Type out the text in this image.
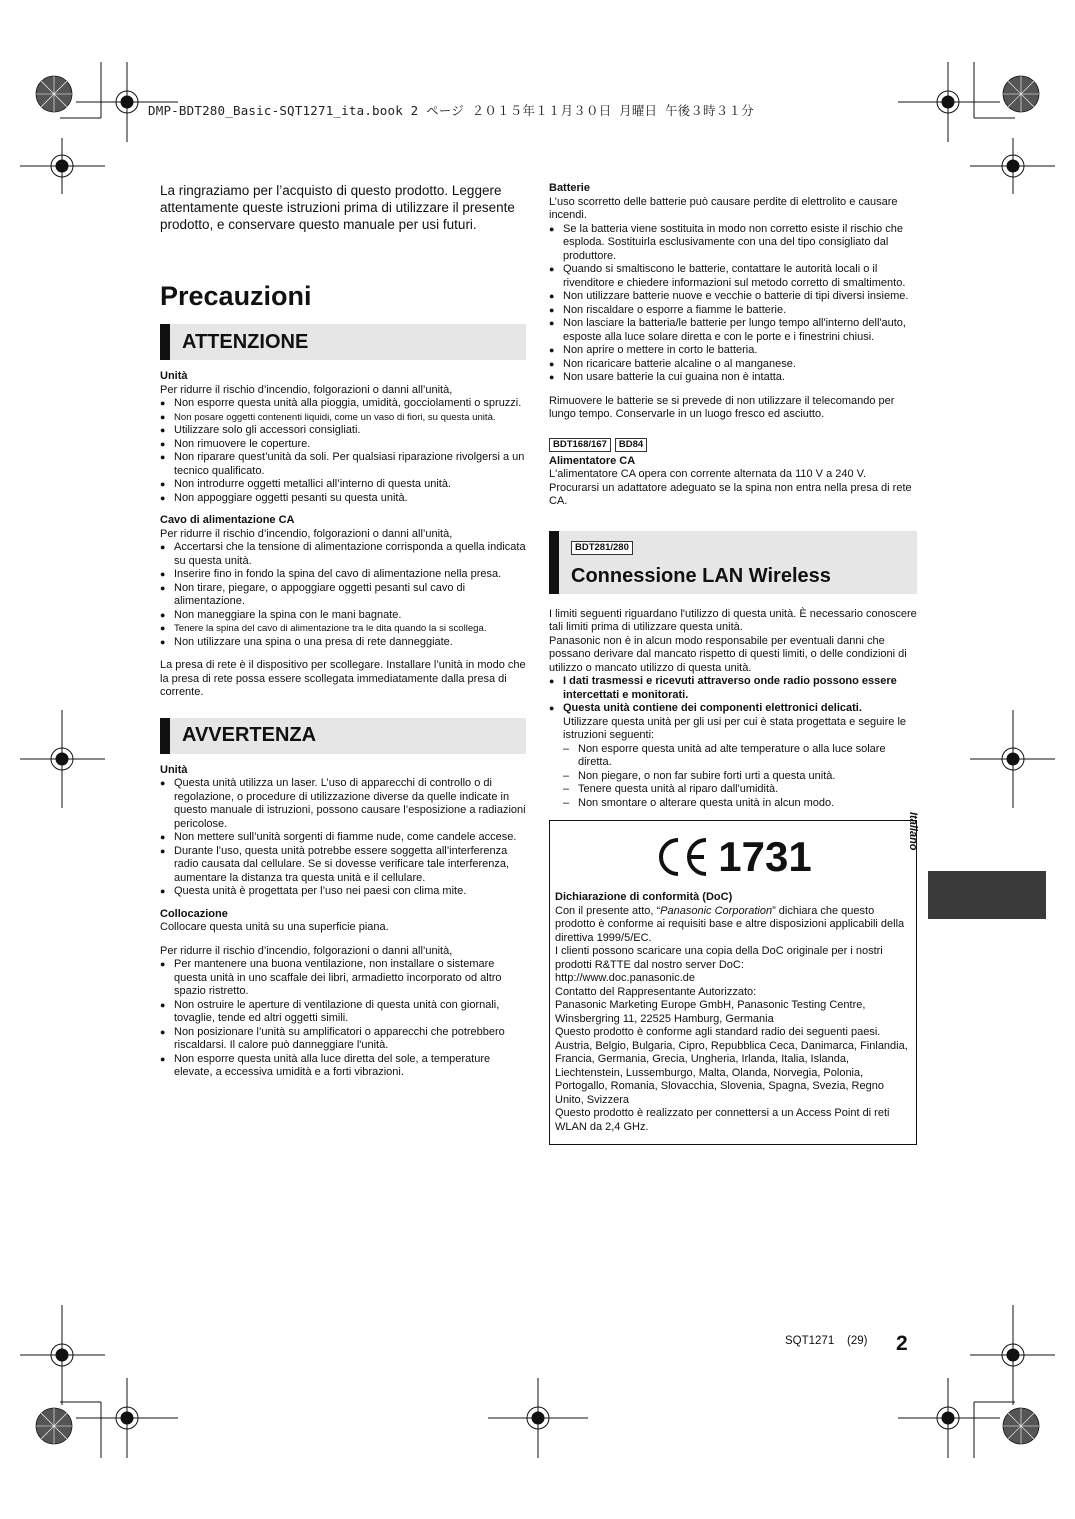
DMP-BDT280_Basic-SQT1271_ita.book 2 ページ ２０１５年１１月３０日 月曜日 午後３時３１分

La ringraziamo per l’acquisto di questo prodotto. Leggere attentamente queste istruzioni prima di utilizzare il presente prodotto, e conservare questo manuale per usi futuri.

Precauzioni
ATTENZIONE
Unità

Per ridurre il rischio d’incendio, folgorazioni o danni all’unità,

● Non esporre questa unità alla pioggia, umidità, gocciolamenti o spruzzi.
● Non posare oggetti contenenti liquidi, come un vaso di fiori, su questa unità.
● Utilizzare solo gli accessori consigliati.
● Non rimuovere le coperture.
● Non riparare quest’unità da soli. Per qualsiasi riparazione rivolgersi a un tecnico qualificato.
● Non introdurre oggetti metallici all’interno di questa unità.
● Non appoggiare oggetti pesanti su questa unità.
Cavo di alimentazione CA

Per ridurre il rischio d’incendio, folgorazioni o danni all’unità,

● Accertarsi che la tensione di alimentazione corrisponda a quella indicata su questa unità.
● Inserire fino in fondo la spina del cavo di alimentazione nella presa.
● Non tirare, piegare, o appoggiare oggetti pesanti sul cavo di alimentazione.
● Non maneggiare la spina con le mani bagnate.
● Tenere la spina del cavo di alimentazione tra le dita quando la si scollega.
● Non utilizzare una spina o una presa di rete danneggiate.

La presa di rete è il dispositivo per scollegare. Installare l’unità in modo che la presa di rete possa essere scollegata immediatamente dalla presa di corrente.

AVVERTENZA
Unità
● Questa unità utilizza un laser. L’uso di apparecchi di controllo o di regolazione, o procedure di utilizzazione diverse da quelle indicate in questo manuale di istruzioni, possono causare l’esposizione a radiazioni pericolose.
● Non mettere sull’unità sorgenti di fiamme nude, come candele accese.
● Durante l’uso, questa unità potrebbe essere soggetta all’interferenza radio causata dal cellulare. Se si dovesse verificare tale interferenza, aumentare la distanza tra questa unità e il cellulare.
● Questa unità è progettata per l’uso nei paesi con clima mite.
Collocazione

Collocare questa unità su una superficie piana.

Per ridurre il rischio d’incendio, folgorazioni o danni all’unità,

● Per mantenere una buona ventilazione, non installare o sistemare questa unità in uno scaffale dei libri, armadietto incorporato od altro spazio ristretto.
● Non ostruire le aperture di ventilazione di questa unità con giornali, tovaglie, tende ed altri oggetti simili.
● Non posizionare l’unità su amplificatori o apparecchi che potrebbero riscaldarsi. Il calore può danneggiare l'unità.
● Non esporre questa unità alla luce diretta del sole, a temperature elevate, a eccessiva umidità e a forti vibrazioni.
Batterie

L’uso scorretto delle batterie può causare perdite di elettrolito e causare incendi.

● Se la batteria viene sostituita in modo non corretto esiste il rischio che esploda. Sostituirla esclusivamente con una del tipo consigliato dal produttore.
● Quando si smaltiscono le batterie, contattare le autorità locali o il rivenditore e chiedere informazioni sul metodo corretto di smaltimento.
● Non utilizzare batterie nuove e vecchie o batterie di tipi diversi insieme.
● Non riscaldare o esporre a fiamme le batterie.
● Non lasciare la batteria/le batterie per lungo tempo all'interno dell'auto, esposte alla luce solare diretta e con le porte e i finestrini chiusi.
● Non aprire o mettere in corto le batteria.
● Non ricaricare batterie alcaline o al manganese.
● Non usare batterie la cui guaina non è intatta.

Rimuovere le batterie se si prevede di non utilizzare il telecomando per lungo tempo. Conservarle in un luogo fresco ed asciutto.

BDT168/167 BD84
Alimentatore CA

L'alimentatore CA opera con corrente alternata da 110 V a 240 V. Procurarsi un adattatore adeguato se la spina non entra nella presa di rete CA.

BDT281/280
Connessione LAN Wireless

I limiti seguenti riguardano l'utilizzo di questa unità. È necessario conoscere tali limiti prima di utilizzare questa unità.

Panasonic non è in alcun modo responsabile per eventuali danni che possano derivare dal mancato rispetto di questi limiti, o delle condizioni di utilizzo o mancato utilizzo di questa unità.

● I dati trasmessi e ricevuti attraverso onde radio possono essere intercettati e monitorati.
● Questa unità contiene dei componenti elettronici delicati.

Utilizzare questa unità per gli usi per cui è stata progettata e seguire le istruzioni seguenti:

– Non esporre questa unità ad alte temperature o alla luce solare diretta.
– Non piegare, o non far subire forti urti a questa unità.
– Tenere questa unità al riparo dall'umidità.
– Non smontare o alterare questa unità in alcun modo.
1731
Dichiarazione di conformità (DoC)

Con il presente atto, “Panasonic Corporation” dichiara che questo prodotto è conforme ai requisiti base e altre disposizioni applicabili della direttiva 1999/5/EC.

I clienti possono scaricare una copia della DoC originale per i nostri prodotti R&TTE dal nostro server DoC:

http://www.doc.panasonic.de

Contatto del Rappresentante Autorizzato:

Panasonic Marketing Europe GmbH, Panasonic Testing Centre, Winsbergring 11, 22525 Hamburg, Germania

Questo prodotto è conforme agli standard radio dei seguenti paesi.

Austria, Belgio, Bulgaria, Cipro, Repubblica Ceca, Danimarca, Finlandia, Francia, Germania, Grecia, Ungheria, Irlanda, Italia, Islanda, Liechtenstein, Lussemburgo, Malta, Olanda, Norvegia, Polonia, Portogallo, Romania, Slovacchia, Slovenia, Spagna, Svezia, Regno Unito, Svizzera

Questo prodotto è realizzato per connettersi a un Access Point di reti WLAN da 2,4 GHz.

Italiano
SQT1271    (29) 2
